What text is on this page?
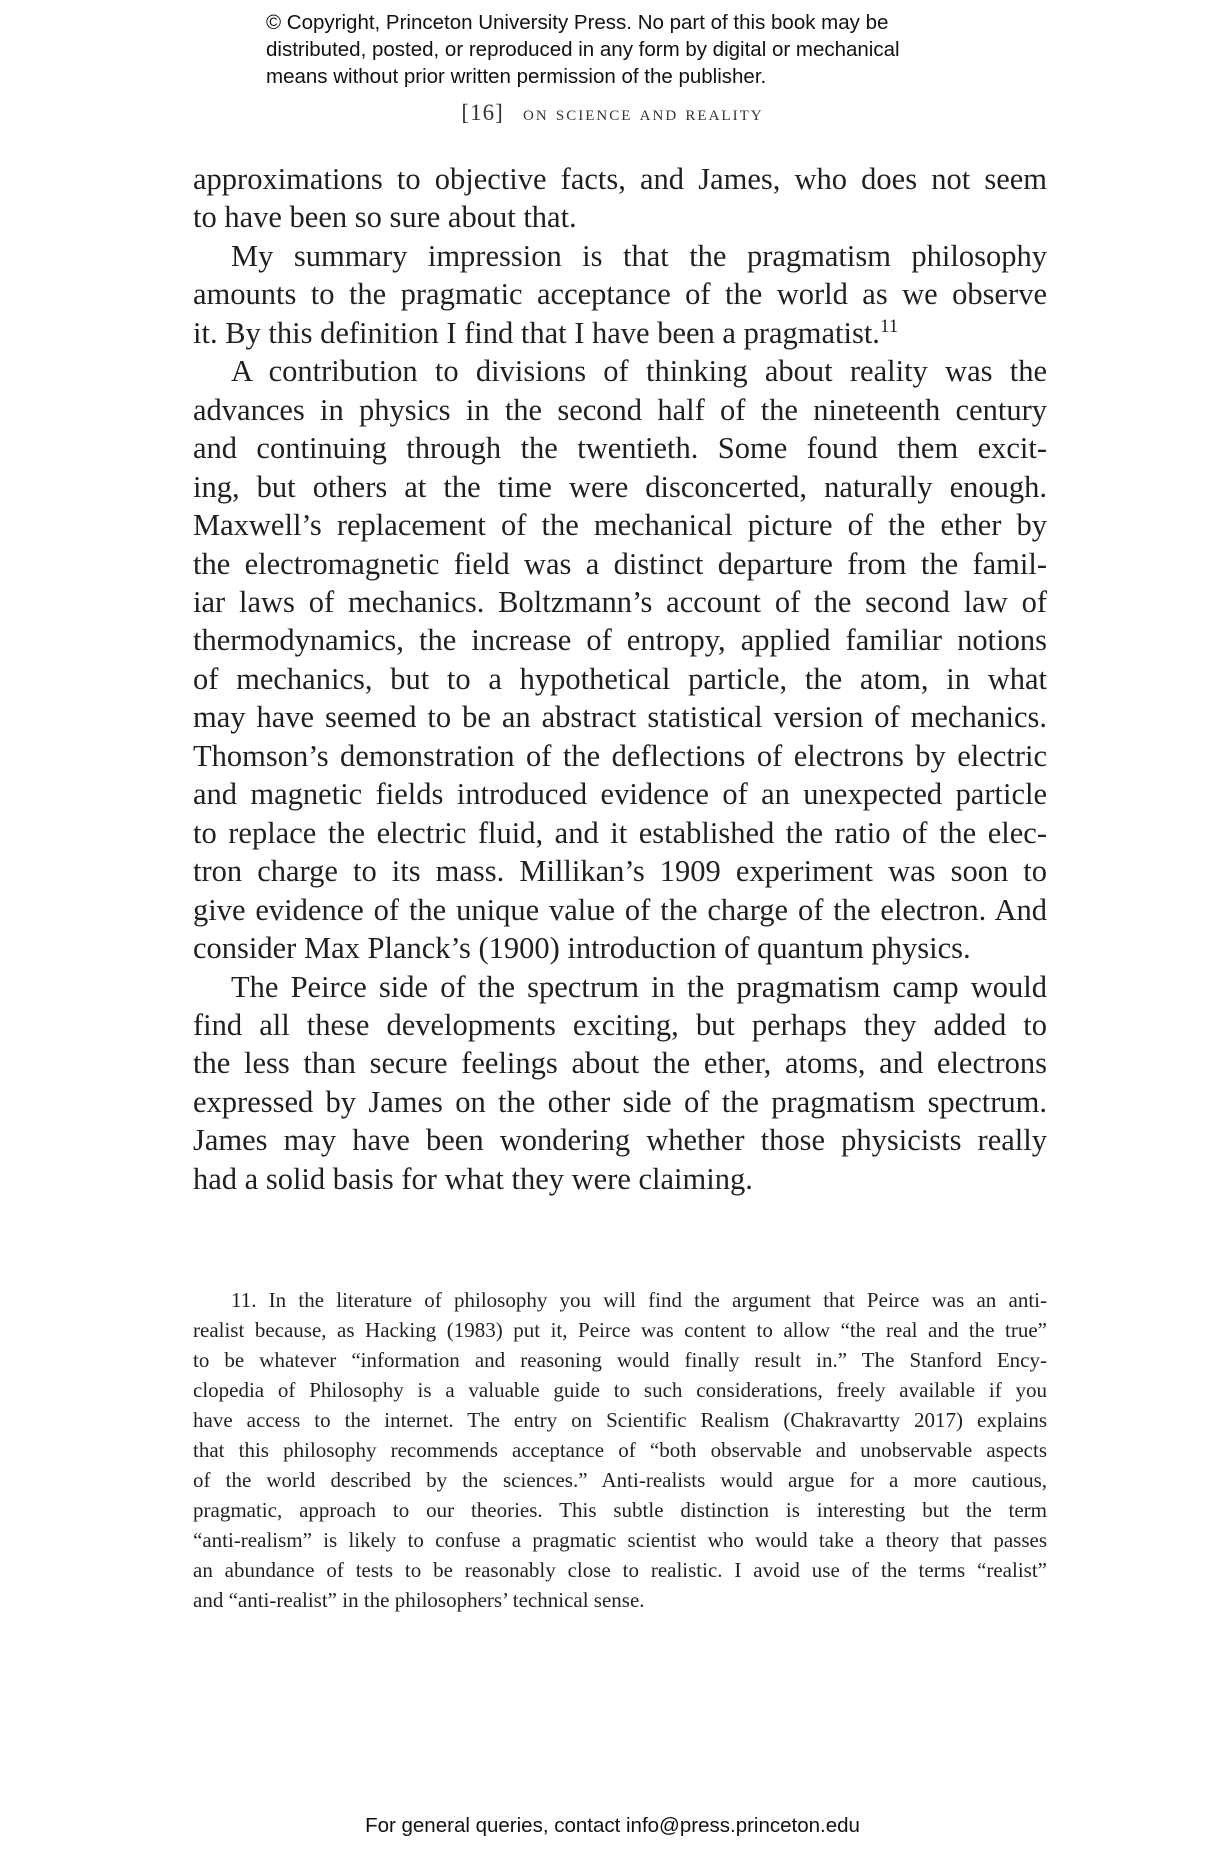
© Copyright, Princeton University Press. No part of this book may be
distributed, posted, or reproduced in any form by digital or mechanical
means without prior written permission of the publisher.
[16] on science and reality
approximations to objective facts, and James, who does not seem
to have been so sure about that.
My summary impression is that the pragmatism philosophy
amounts to the pragmatic acceptance of the world as we observe
it. By this definition I find that I have been a pragmatist.$^{11}$
A contribution to divisions of thinking about reality was the
advances in physics in the second half of the nineteenth century
and continuing through the twentieth. Some found them excit-
ing, but others at the time were disconcerted, naturally enough.
Maxwell’s replacement of the mechanical picture of the ether by
the electromagnetic field was a distinct departure from the famil-
iar laws of mechanics. Boltzmann’s account of the second law of
thermodynamics, the increase of entropy, applied familiar notions
of mechanics, but to a hypothetical particle, the atom, in what
may have seemed to be an abstract statistical version of mechanics.
Thomson’s demonstration of the deflections of electrons by electric
and magnetic fields introduced evidence of an unexpected particle
to replace the electric fluid, and it established the ratio of the elec-
tron charge to its mass. Millikan’s 1909 experiment was soon to
give evidence of the unique value of the charge of the electron. And
consider Max Planck’s (1900) introduction of quantum physics.
The Peirce side of the spectrum in the pragmatism camp would
find all these developments exciting, but perhaps they added to
the less than secure feelings about the ether, atoms, and electrons
expressed by James on the other side of the pragmatism spectrum.
James may have been wondering whether those physicists really
had a solid basis for what they were claiming.
11. In the literature of philosophy you will find the argument that Peirce was an anti-
realist because, as Hacking (1983) put it, Peirce was content to allow “the real and the true”
to be whatever “information and reasoning would finally result in.” The Stanford Ency-
clopedia of Philosophy is a valuable guide to such considerations, freely available if you
have access to the internet. The entry on Scientific Realism (Chakravartty 2017) explains
that this philosophy recommends acceptance of “both observable and unobservable aspects
of the world described by the sciences.” Anti-realists would argue for a more cautious,
pragmatic, approach to our theories. This subtle distinction is interesting but the term
“anti-realism” is likely to confuse a pragmatic scientist who would take a theory that passes
an abundance of tests to be reasonably close to realistic. I avoid use of the terms “realist”
and “anti-realist” in the philosophers’ technical sense.
For general queries, contact info@press.princeton.edu
